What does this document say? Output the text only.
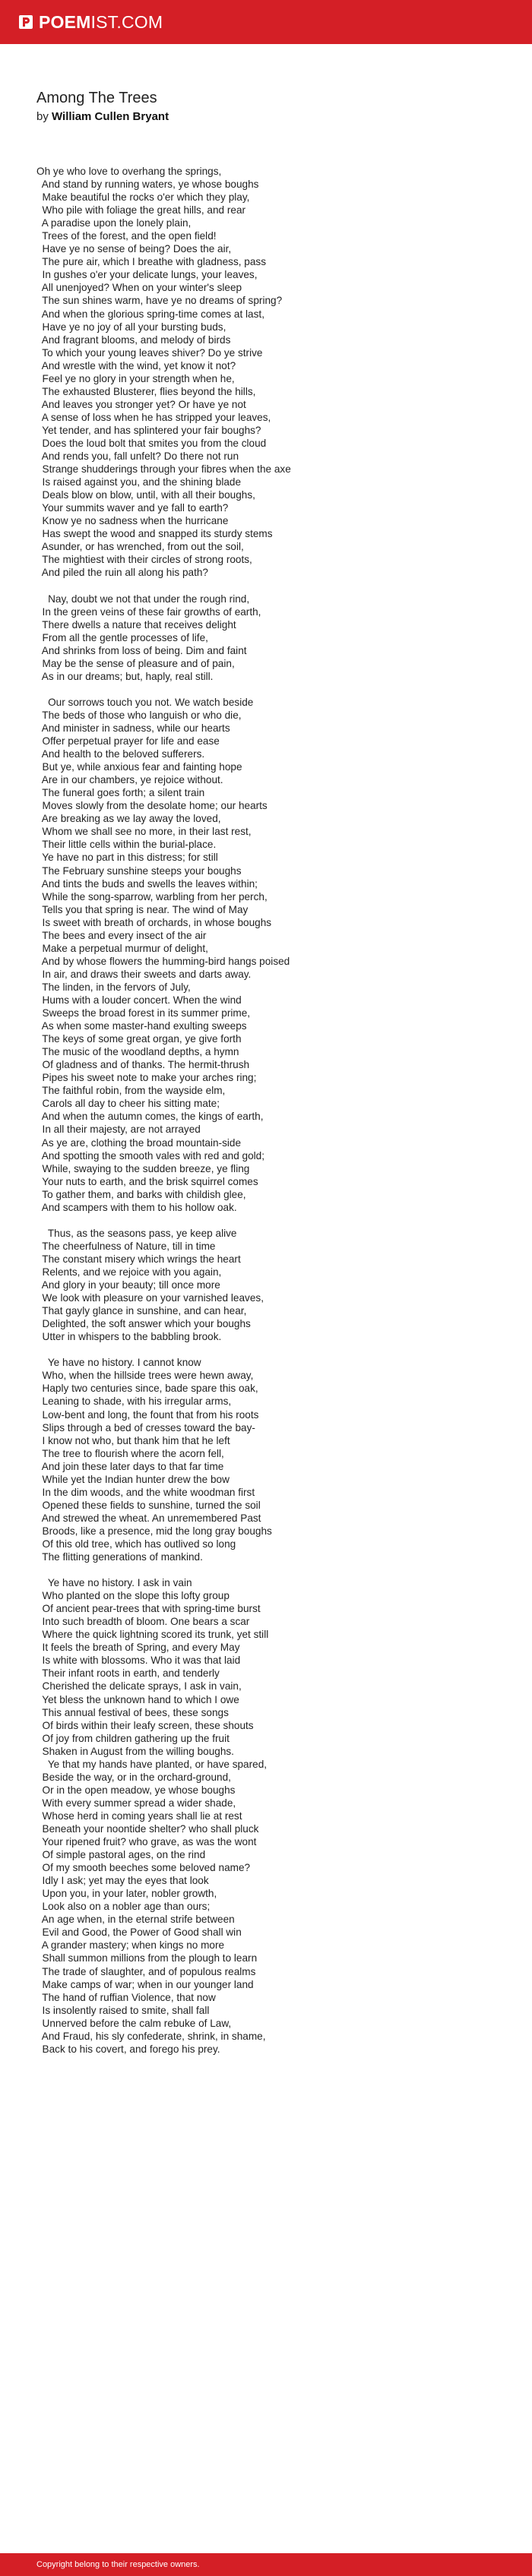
POEMIST.COM
Among The Trees
by William Cullen Bryant
Oh ye who love to overhang the springs,
And stand by running waters, ye whose boughs
Make beautiful the rocks o'er which they play,
Who pile with foliage the great hills, and rear
A paradise upon the lonely plain,
Trees of the forest, and the open field!
Have ye no sense of being? Does the air,
The pure air, which I breathe with gladness, pass
In gushes o'er your delicate lungs, your leaves,
All unenjoyed? When on your winter's sleep
The sun shines warm, have ye no dreams of spring?
And when the glorious spring-time comes at last,
Have ye no joy of all your bursting buds,
And fragrant blooms, and melody of birds
To which your young leaves shiver? Do ye strive
And wrestle with the wind, yet know it not?
Feel ye no glory in your strength when he,
The exhausted Blusterer, flies beyond the hills,
And leaves you stronger yet? Or have ye not
A sense of loss when he has stripped your leaves,
Yet tender, and has splintered your fair boughs?
Does the loud bolt that smites you from the cloud
And rends you, fall unfelt? Do there not run
Strange shudderings through your fibres when the axe
Is raised against you, and the shining blade
Deals blow on blow, until, with all their boughs,
Your summits waver and ye fall to earth?
Know ye no sadness when the hurricane
Has swept the wood and snapped its sturdy stems
Asunder, or has wrenched, from out the soil,
The mightiest with their circles of strong roots,
And piled the ruin all along his path?
Nay, doubt we not that under the rough rind,
In the green veins of these fair growths of earth,
There dwells a nature that receives delight
From all the gentle processes of life,
And shrinks from loss of being. Dim and faint
May be the sense of pleasure and of pain,
As in our dreams; but, haply, real still.
Our sorrows touch you not. We watch beside
The beds of those who languish or who die,
And minister in sadness, while our hearts
Offer perpetual prayer for life and ease
And health to the beloved sufferers.
But ye, while anxious fear and fainting hope
Are in our chambers, ye rejoice without.
The funeral goes forth; a silent train
Moves slowly from the desolate home; our hearts
Are breaking as we lay away the loved,
Whom we shall see no more, in their last rest,
Their little cells within the burial-place.
Ye have no part in this distress; for still
The February sunshine steeps your boughs
And tints the buds and swells the leaves within;
While the song-sparrow, warbling from her perch,
Tells you that spring is near. The wind of May
Is sweet with breath of orchards, in whose boughs
The bees and every insect of the air
Make a perpetual murmur of delight,
And by whose flowers the humming-bird hangs poised
In air, and draws their sweets and darts away.
The linden, in the fervors of July,
Hums with a louder concert. When the wind
Sweeps the broad forest in its summer prime,
As when some master-hand exulting sweeps
The keys of some great organ, ye give forth
The music of the woodland depths, a hymn
Of gladness and of thanks. The hermit-thrush
Pipes his sweet note to make your arches ring;
The faithful robin, from the wayside elm,
Carols all day to cheer his sitting mate;
And when the autumn comes, the kings of earth,
In all their majesty, are not arrayed
As ye are, clothing the broad mountain-side
And spotting the smooth vales with red and gold;
While, swaying to the sudden breeze, ye fling
Your nuts to earth, and the brisk squirrel comes
To gather them, and barks with childish glee,
And scampers with them to his hollow oak.
Thus, as the seasons pass, ye keep alive
The cheerfulness of Nature, till in time
The constant misery which wrings the heart
Relents, and we rejoice with you again,
And glory in your beauty; till once more
We look with pleasure on your varnished leaves,
That gayly glance in sunshine, and can hear,
Delighted, the soft answer which your boughs
Utter in whispers to the babbling brook.
Ye have no history. I cannot know
Who, when the hillside trees were hewn away,
Haply two centuries since, bade spare this oak,
Leaning to shade, with his irregular arms,
Low-bent and long, the fount that from his roots
Slips through a bed of cresses toward the bay-
I know not who, but thank him that he left
The tree to flourish where the acorn fell,
And join these later days to that far time
While yet the Indian hunter drew the bow
In the dim woods, and the white woodman first
Opened these fields to sunshine, turned the soil
And strewed the wheat. An unremembered Past
Broods, like a presence, mid the long gray boughs
Of this old tree, which has outlived so long
The flitting generations of mankind.
Ye have no history. I ask in vain
Who planted on the slope this lofty group
Of ancient pear-trees that with spring-time burst
Into such breadth of bloom. One bears a scar
Where the quick lightning scored its trunk, yet still
It feels the breath of Spring, and every May
Is white with blossoms. Who it was that laid
Their infant roots in earth, and tenderly
Cherished the delicate sprays, I ask in vain,
Yet bless the unknown hand to which I owe
This annual festival of bees, these songs
Of birds within their leafy screen, these shouts
Of joy from children gathering up the fruit
Shaken in August from the willing boughs.
Ye that my hands have planted, or have spared,
Beside the way, or in the orchard-ground,
Or in the open meadow, ye whose boughs
With every summer spread a wider shade,
Whose herd in coming years shall lie at rest
Beneath your noontide shelter? who shall pluck
Your ripened fruit? who grave, as was the wont
Of simple pastoral ages, on the rind
Of my smooth beeches some beloved name?
Idly I ask; yet may the eyes that look
Upon you, in your later, nobler growth,
Look also on a nobler age than ours;
An age when, in the eternal strife between
Evil and Good, the Power of Good shall win
A grander mastery; when kings no more
Shall summon millions from the plough to learn
The trade of slaughter, and of populous realms
Make camps of war; when in our younger land
The hand of ruffian Violence, that now
Is insolently raised to smite, shall fall
Unnerved before the calm rebuke of Law,
And Fraud, his sly confederate, shrink, in shame,
Back to his covert, and forego his prey.
Copyright belong to their respective owners.
